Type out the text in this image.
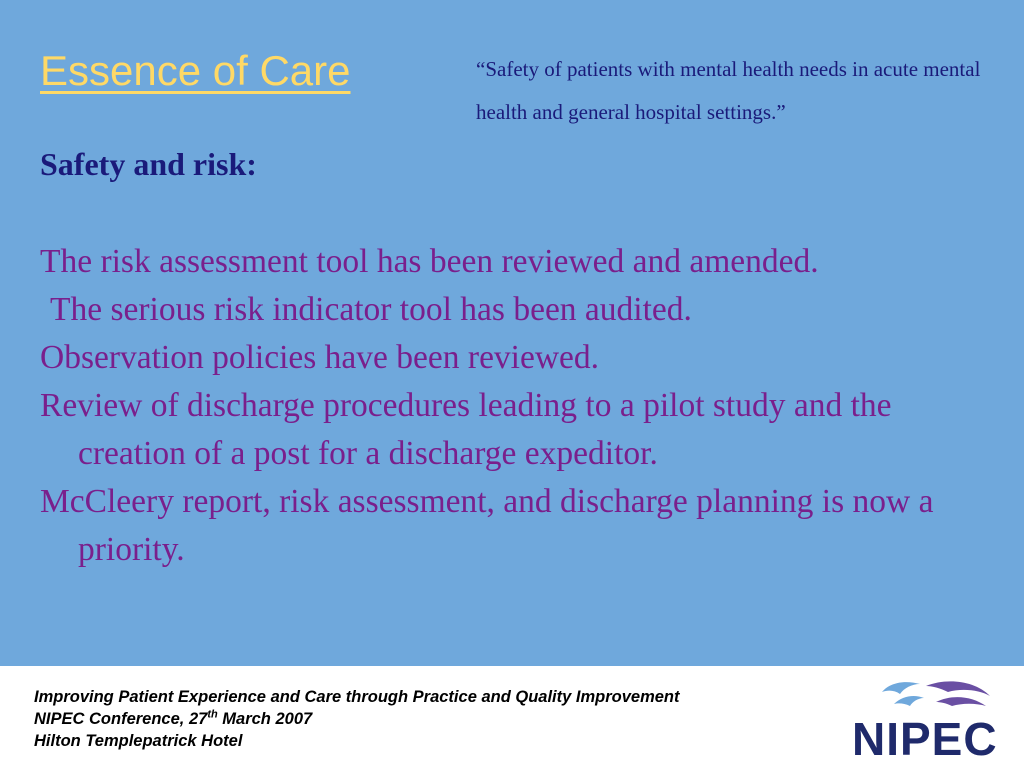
Essence of Care	“Safety of patients with mental health needs in acute mental health and general hospital settings.”

Safety and risk:
The risk assessment tool has been reviewed and amended.
The serious risk indicator tool has been audited.
Observation policies have been reviewed.
Review of discharge procedures leading to a pilot study and the creation of a post for a discharge expeditor.
McCleery report, risk assessment, and discharge planning is now a priority.
Improving Patient Experience and Care through Practice and Quality Improvement
NIPEC Conference, 27th March 2007
Hilton Templepatrick Hotel	NIPEC
